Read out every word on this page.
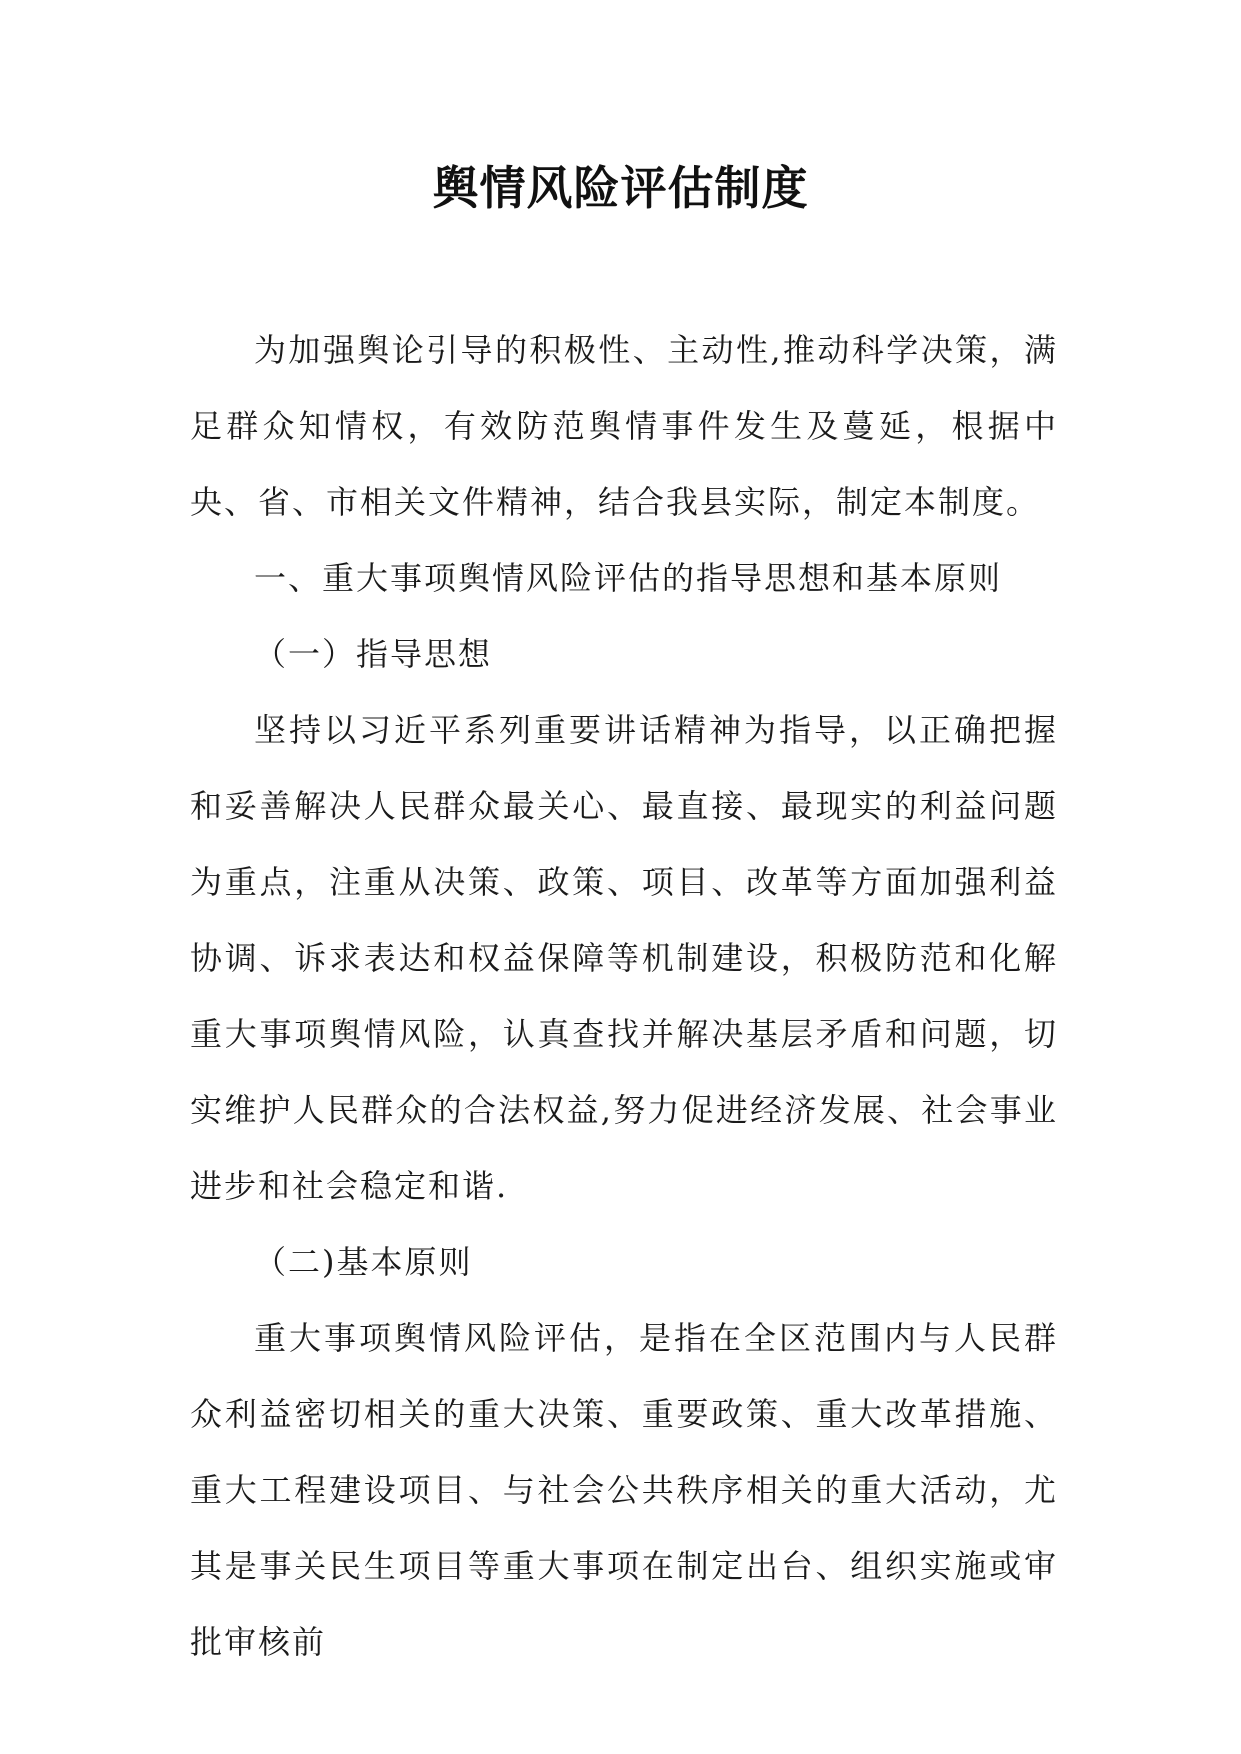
舆情风险评估制度

为加强舆论引导的积极性、主动性,推动科学决策，满足群众知情权，有效防范舆情事件发生及蔓延，根据中央、省、市相关文件精神，结合我县实际，制定本制度。

一、重大事项舆情风险评估的指导思想和基本原则

（一）指导思想

坚持以习近平系列重要讲话精神为指导，以正确把握和妥善解决人民群众最关心、最直接、最现实的利益问题为重点，注重从决策、政策、项目、改革等方面加强利益协调、诉求表达和权益保障等机制建设，积极防范和化解重大事项舆情风险，认真查找并解决基层矛盾和问题，切实维护人民群众的合法权益,努力促进经济发展、社会事业进步和社会稳定和谐.

（二)基本原则

重大事项舆情风险评估，是指在全区范围内与人民群众利益密切相关的重大决策、重要政策、重大改革措施、重大工程建设项目、与社会公共秩序相关的重大活动，尤其是事关民生项目等重大事项在制定出台、组织实施或审批审核前
